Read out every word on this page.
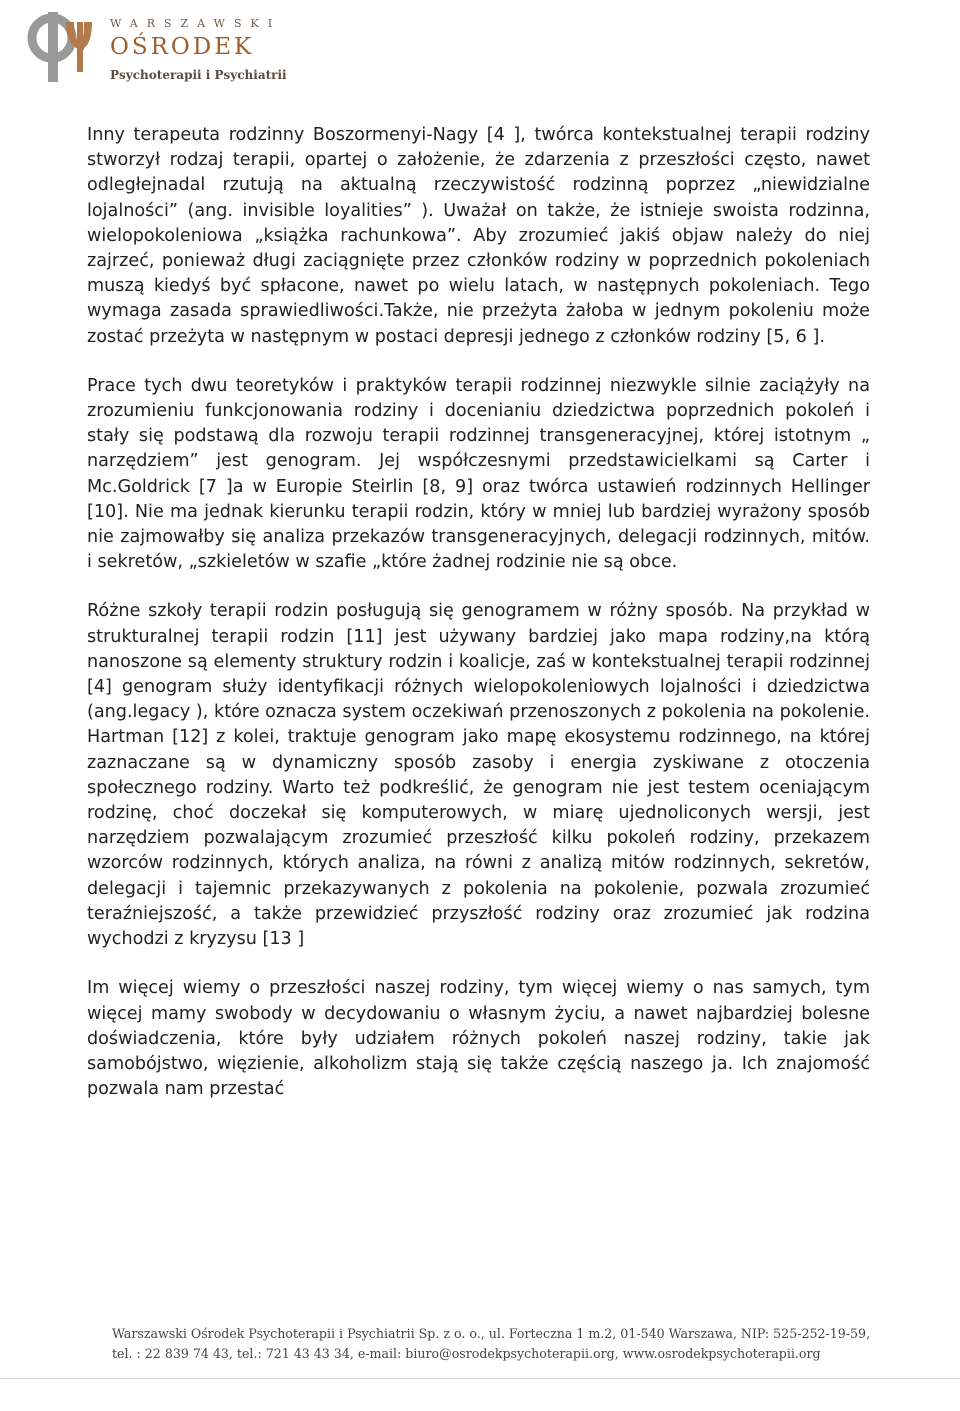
WARSZAWSKI
OŚRODEK
Psychoterapii i Psychiatrii

Inny terapeuta rodzinny Boszormenyi-Nagy [4 ], twórca kontekstualnej terapii rodziny stworzył rodzaj terapii, opartej o założenie, że zdarzenia z przeszłości często, nawet odległejnadal rzutują na aktualną rzeczywistość rodzinną poprzez „niewidzialne lojalności” (ang. invisible loyalities” ). Uważał on także, że istnieje swoista rodzinna, wielopokoleniowa „książka rachunkowa”. Aby zrozumieć jakiś objaw należy do niej zajrzeć, ponieważ długi zaciągnięte przez członków rodziny w poprzednich pokoleniach muszą kiedyś być spłacone, nawet po wielu latach, w następnych pokoleniach. Tego wymaga zasada sprawiedliwości.Także, nie przeżyta żałoba w jednym pokoleniu może zostać przeżyta w następnym w postaci depresji jednego z członków rodziny [5, 6 ].

Prace tych dwu teoretyków i praktyków terapii rodzinnej niezwykle silnie zaciążyły na zrozumieniu funkcjonowania rodziny i docenianiu dziedzictwa poprzednich pokoleń i stały się podstawą dla rozwoju terapii rodzinnej transgeneracyjnej, której istotnym „ narzędziem” jest genogram. Jej współczesnymi przedstawicielkami są Carter i Mc.Goldrick [7 ]a w Europie Steirlin [8, 9] oraz twórca ustawień rodzinnych Hellinger [10]. Nie ma jednak kierunku terapii rodzin, który w mniej lub bardziej wyrażony sposób nie zajmowałby się analiza przekazów transgeneracyjnych, delegacji rodzinnych, mitów. i sekretów, „szkieletów w szafie „które żadnej rodzinie nie są obce.

Różne szkoły terapii rodzin posługują się genogramem w różny sposób. Na przykład w strukturalnej terapii rodzin [11] jest używany bardziej jako mapa rodziny,na którą nanoszone są elementy struktury rodzin i koalicje, zaś w kontekstualnej terapii rodzinnej [4] genogram służy identyfikacji różnych wielopokoleniowych lojalności i dziedzictwa (ang.legacy ), które oznacza system oczekiwań przenoszonych z pokolenia na pokolenie. Hartman [12] z kolei, traktuje genogram jako mapę ekosystemu rodzinnego, na której zaznaczane są w dynamiczny sposób zasoby i energia zyskiwane z otoczenia społecznego rodziny. Warto też podkreślić, że genogram nie jest testem oceniającym rodzinę, choć doczekał się komputerowych, w miarę ujednoliconych wersji, jest narzędziem pozwalającym zrozumieć przeszłość kilku pokoleń rodziny, przekazem wzorców rodzinnych, których analiza, na równi z analizą mitów rodzinnych, sekretów, delegacji i tajemnic przekazywanych z pokolenia na pokolenie, pozwala zrozumieć teraźniejszość, a także przewidzieć przyszłość rodziny oraz zrozumieć jak rodzina wychodzi z kryzysu [13 ]

Im więcej wiemy o przeszłości naszej rodziny, tym więcej wiemy o nas samych, tym więcej mamy swobody w decydowaniu o własnym życiu, a nawet najbardziej bolesne doświadczenia, które były udziałem różnych pokoleń naszej rodziny, takie jak samobójstwo, więzienie, alkoholizm stają się także częścią naszego ja. Ich znajomość pozwala nam przestać

Warszawski Ośrodek Psychoterapii i Psychiatrii Sp. z o. o., ul. Forteczna 1 m.2, 01-540 Warszawa, NIP: 525-252-19-59,
tel. : 22 839 74 43, tel.: 721 43 43 34, e-mail: biuro@osrodekpsychoterapii.org, www.osrodekpsychoterapii.org
